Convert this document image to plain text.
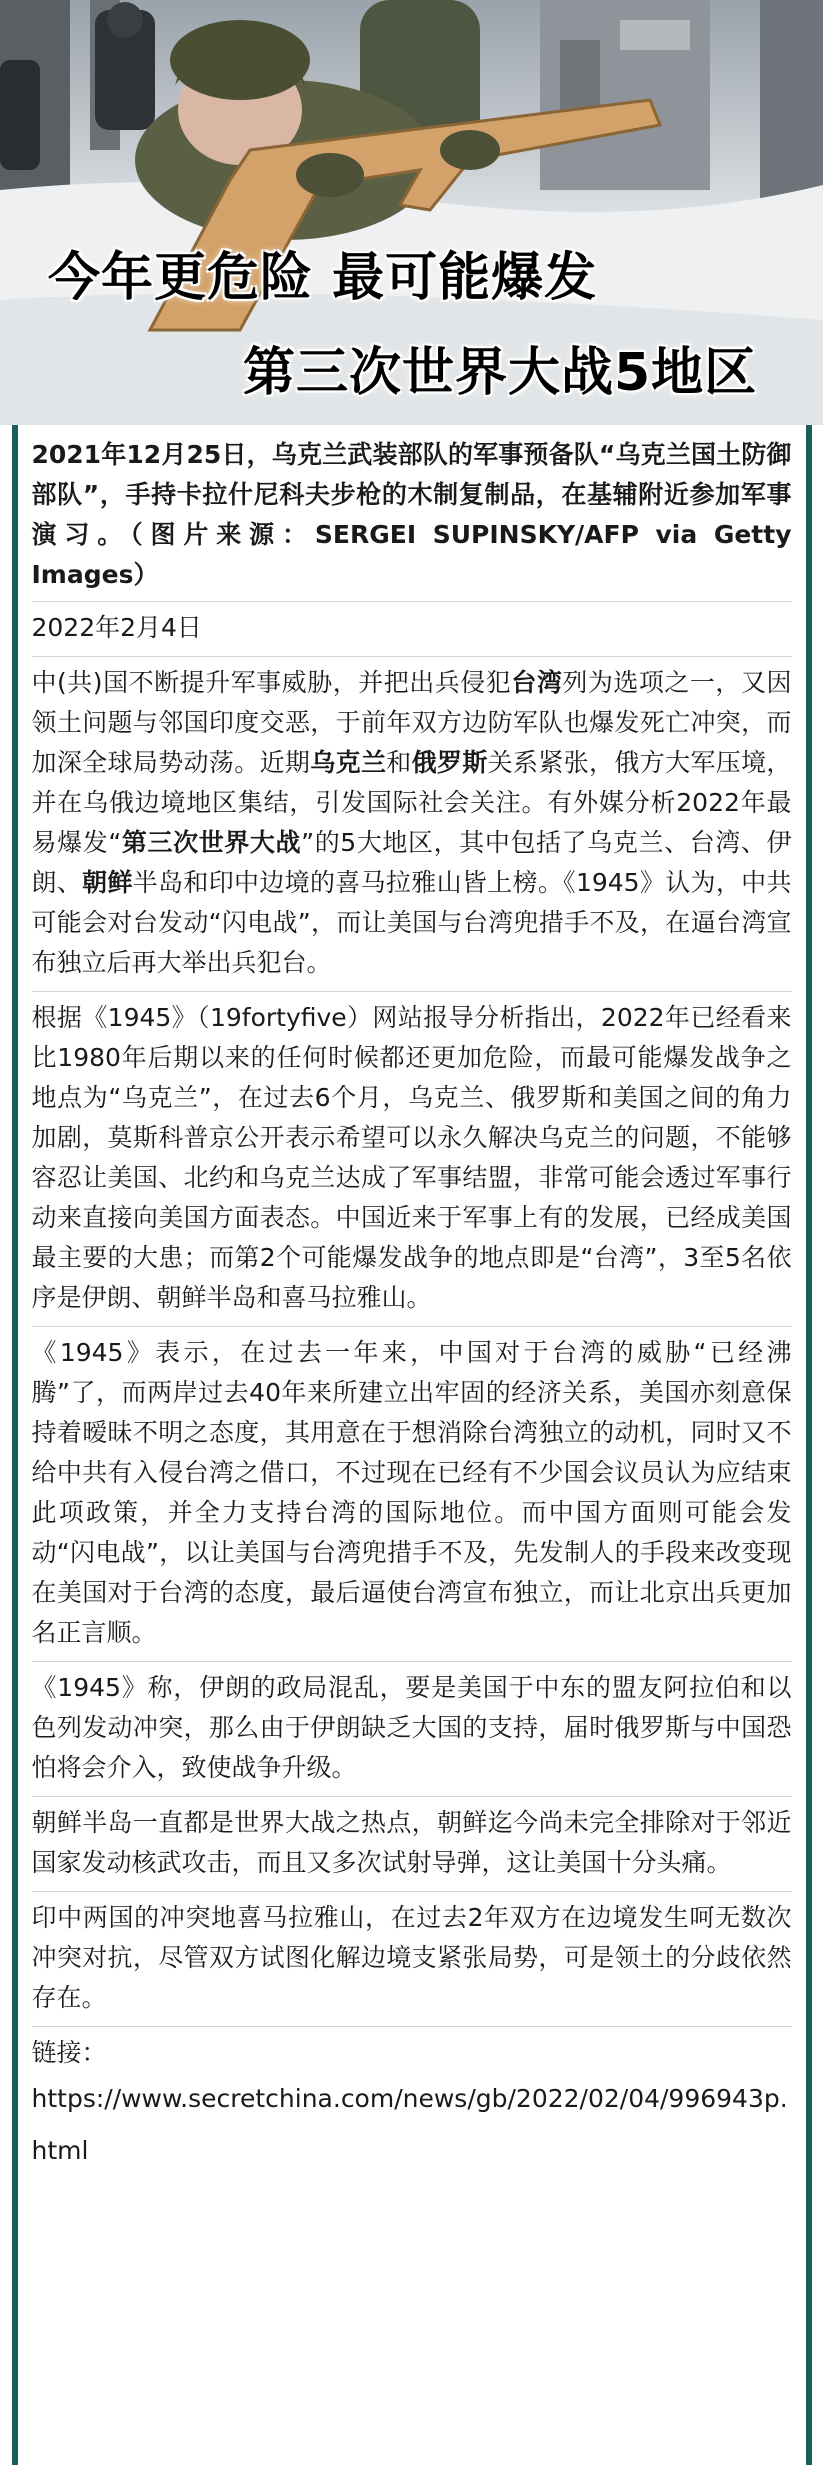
今年更危险 最可能爆发
第三次世界大战5地区

2021年12月25日，乌克兰武装部队的军事预备队“乌克兰国土防御部队”，手持卡拉什尼科夫步枪的木制复制品，在基辅附近参加军事演习。（图片来源：SERGEI SUPINSKY/AFP via Getty Images）

2022年2月4日

中(共)国不断提升军事威胁，并把出兵侵犯台湾列为选项之一，又因领土问题与邻国印度交恶，于前年双方边防军队也爆发死亡冲突，而加深全球局势动荡。近期乌克兰和俄罗斯关系紧张，俄方大军压境，并在乌俄边境地区集结，引发国际社会关注。有外媒分析2022年最易爆发“第三次世界大战”的5大地区，其中包括了乌克兰、台湾、伊朗、朝鲜半岛和印中边境的喜马拉雅山皆上榜。《1945》认为，中共可能会对台发动“闪电战”，而让美国与台湾兜措手不及，在逼台湾宣布独立后再大举出兵犯台。

根据《1945》（19fortyfive）网站报导分析指出，2022年已经看来比1980年后期以来的任何时候都还更加危险，而最可能爆发战争之地点为“乌克兰”，在过去6个月，乌克兰、俄罗斯和美国之间的角力加剧，莫斯科普京公开表示希望可以永久解决乌克兰的问题，不能够容忍让美国、北约和乌克兰达成了军事结盟，非常可能会透过军事行动来直接向美国方面表态。中国近来于军事上有的发展，已经成美国最主要的大患；而第2个可能爆发战争的地点即是“台湾”，3至5名依序是伊朗、朝鲜半岛和喜马拉雅山。

《1945》表示，在过去一年来，中国对于台湾的威胁“已经沸腾”了，而两岸过去40年来所建立出牢固的经济关系，美国亦刻意保持着暧昧不明之态度，其用意在于想消除台湾独立的动机，同时又不给中共有入侵台湾之借口，不过现在已经有不少国会议员认为应结束此项政策，并全力支持台湾的国际地位。而中国方面则可能会发动“闪电战”，以让美国与台湾兜措手不及，先发制人的手段来改变现在美国对于台湾的态度，最后逼使台湾宣布独立，而让北京出兵更加名正言顺。

《1945》称，伊朗的政局混乱，要是美国于中东的盟友阿拉伯和以色列发动冲突，那么由于伊朗缺乏大国的支持，届时俄罗斯与中国恐怕将会介入，致使战争升级。

朝鲜半岛一直都是世界大战之热点，朝鲜迄今尚未完全排除对于邻近国家发动核武攻击，而且又多次试射导弹，这让美国十分头痛。

印中两国的冲突地喜马拉雅山，在过去2年双方在边境发生呵无数次冲突对抗，尽管双方试图化解边境支紧张局势，可是领土的分歧依然存在。

链接：
https://www.secretchina.com/news/gb/2022/02/04/996943p.html
